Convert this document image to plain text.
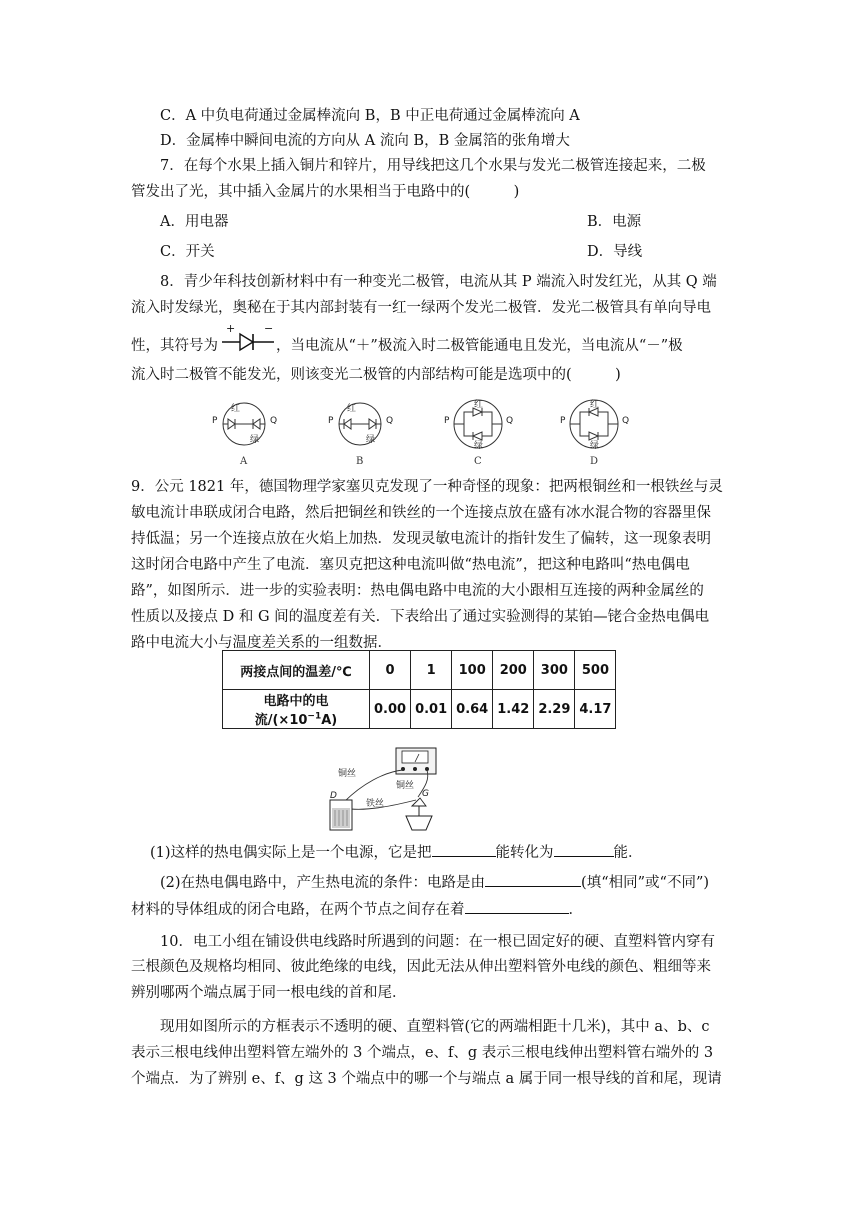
C．A 中负电荷通过金属棒流向 B，B 中正电荷通过金属棒流向 A
D．金属棒中瞬间电流的方向从 A 流向 B，B 金属箔的张角增大
7．在每个水果上插入铜片和锌片，用导线把这几个水果与发光二极管连接起来，二极
管发出了光，其中插入金属片的水果相当于电路中的(　　　)
A．用电器	B．电源
C．开关	D．导线
8．青少年科技创新材料中有一种变光二极管，电流从其 P 端流入时发红光，从其 Q 端
流入时发绿光，奥秘在于其内部封装有一红一绿两个发光二极管．发光二极管具有单向导电
性，其符号为
+	−
，当电流从“＋”极流入时二极管能通电且发光，当电流从“－”极
流入时二极管不能发光，则该变光二极管的内部结构可能是选项中的(　　　)
P	Q
红
绿
A
P	Q
红
绿
B
P	Q
红
绿
C
P	Q
红
绿
D
9．公元 1821 年，德国物理学家塞贝克发现了一种奇怪的现象：把两根铜丝和一根铁丝与灵
敏电流计串联成闭合电路，然后把铜丝和铁丝的一个连接点放在盛有冰水混合物的容器里保
持低温；另一个连接点放在火焰上加热．发现灵敏电流计的指针发生了偏转，这一现象表明
这时闭合电路中产生了电流．塞贝克把这种电流叫做“热电流”，把这种电路叫“热电偶电
路”，如图所示．进一步的实验表明：热电偶电路中电流的大小跟相互连接的两种金属丝的
性质以及接点 D 和 G 间的温度差有关．下表给出了通过实验测得的某铂—铑合金热电偶电
路中电流大小与温度差关系的一组数据．
两接点间的温差/℃	0	1	100	200	300	500
电路中的电流$/(\times 10^{-1}A)$	0.00	0.01	0.64	1.42	2.29	4.17
铜丝
铜丝
铁丝
D	G
(1)这样的热电偶实际上是一个电源，它是把	能转化为	能．
(2)在热电偶电路中，产生热电流的条件：电路是由	(填“相同”或“不同”)
材料的导体组成的闭合电路，在两个节点之间存在着	．
10．电工小组在铺设供电线路时所遇到的问题：在一根已固定好的硬、直塑料管内穿有
三根颜色及规格均相同、彼此绝缘的电线，因此无法从伸出塑料管外电线的颜色、粗细等来
辨别哪两个端点属于同一根电线的首和尾．
现用如图所示的方框表示不透明的硬、直塑料管(它的两端相距十几米)，其中 a、b、c
表示三根电线伸出塑料管左端外的 3 个端点，e、f、g 表示三根电线伸出塑料管右端外的 3
个端点．为了辨别 e、f、g 这 3 个端点中的哪一个与端点 a 属于同一根导线的首和尾，现请
